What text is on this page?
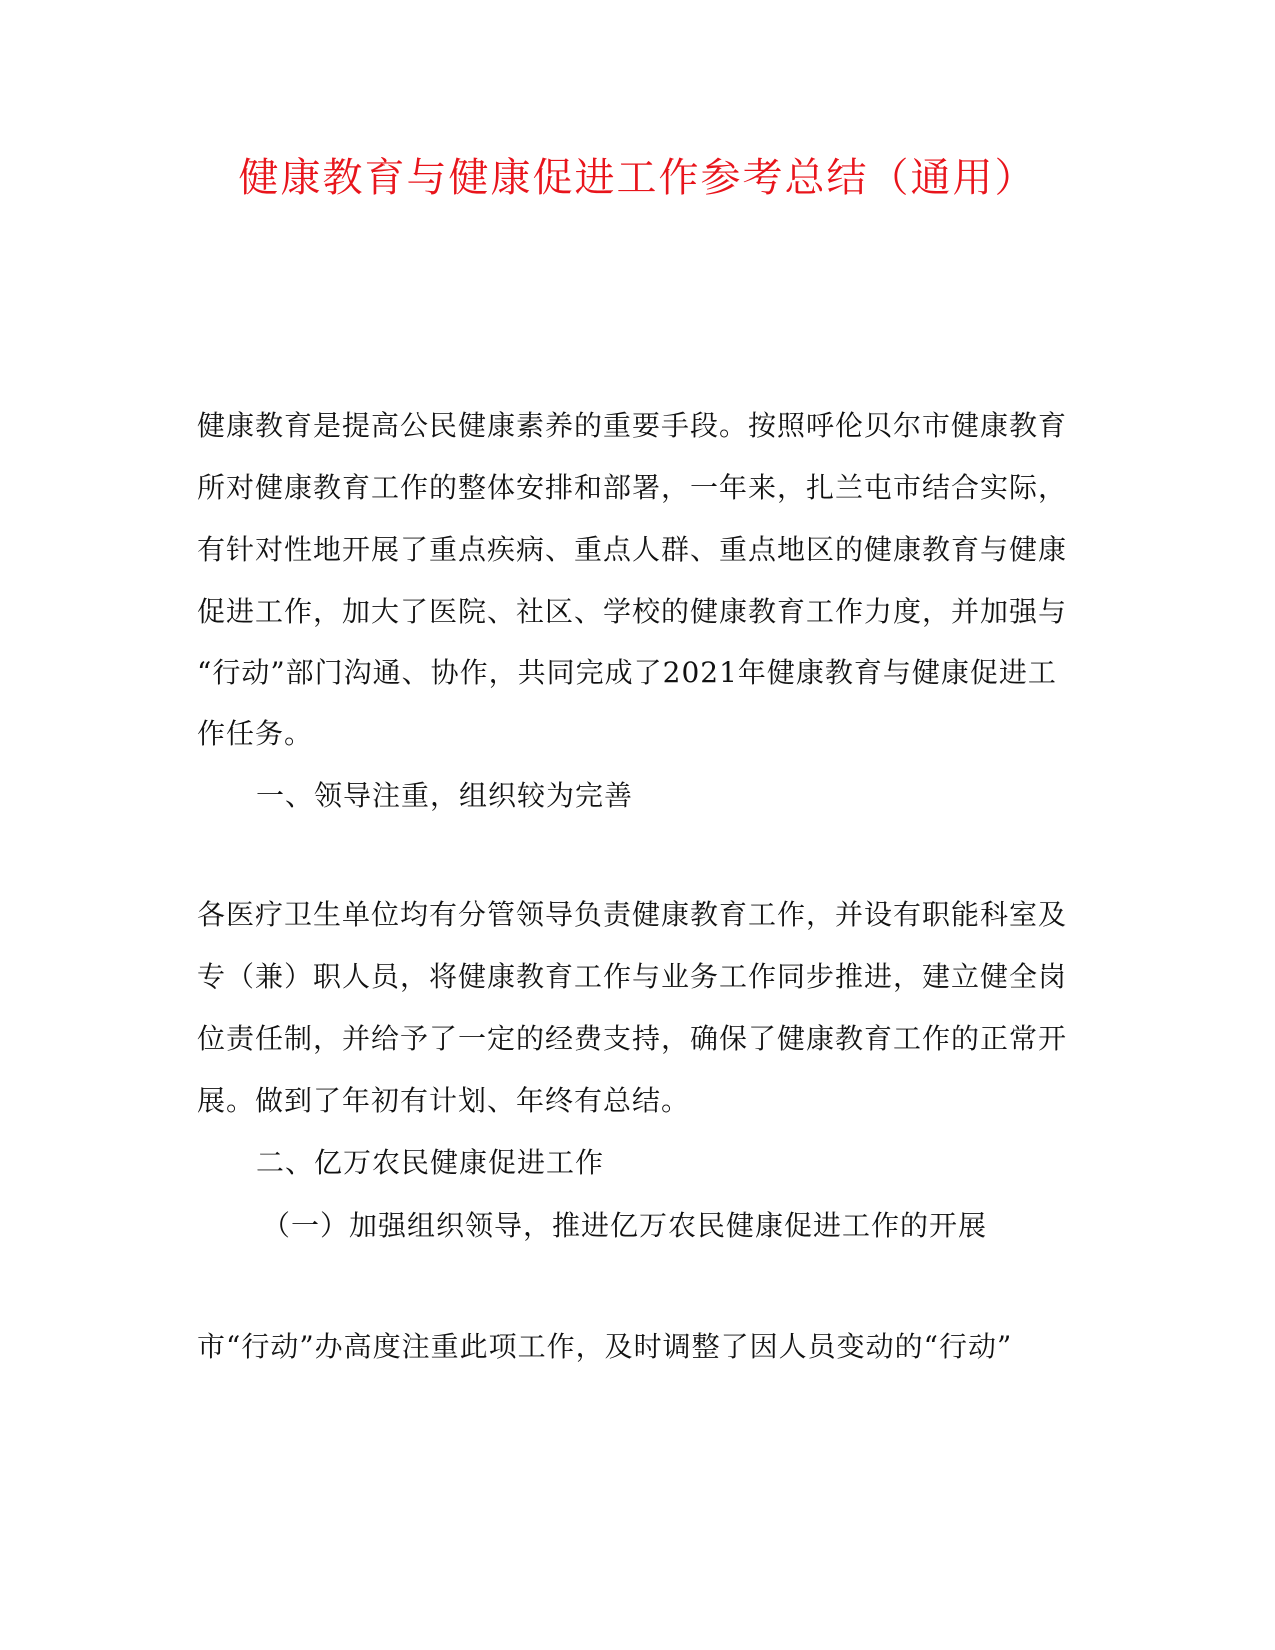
健康教育与健康促进工作参考总结（通用）
健康教育是提高公民健康素养的重要手段。按照呼伦贝尔市健康教育
所对健康教育工作的整体安排和部署，一年来，扎兰屯市结合实际，
有针对性地开展了重点疾病、重点人群、重点地区的健康教育与健康
促进工作，加大了医院、社区、学校的健康教育工作力度，并加强与
“行动”部门沟通、协作，共同完成了2021年健康教育与健康促进工
作任务。
一、领导注重，组织较为完善
各医疗卫生单位均有分管领导负责健康教育工作，并设有职能科室及
专（兼）职人员，将健康教育工作与业务工作同步推进，建立健全岗
位责任制，并给予了一定的经费支持，确保了健康教育工作的正常开
展。做到了年初有计划、年终有总结。
二、亿万农民健康促进工作
（一）加强组织领导，推进亿万农民健康促进工作的开展
市“行动”办高度注重此项工作，及时调整了因人员变动的“行动”
